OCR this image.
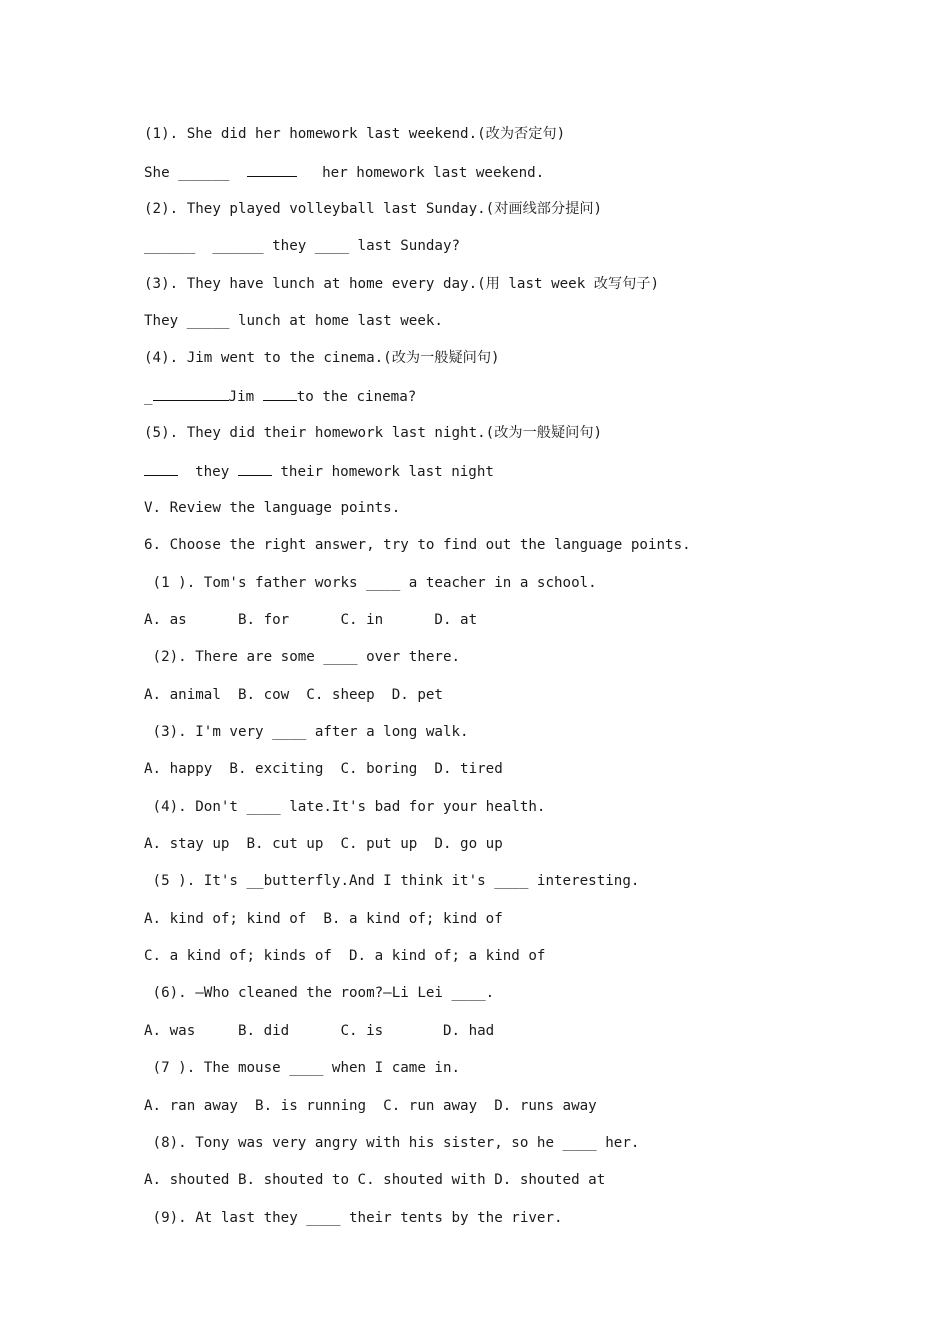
(1). She did her homework last weekend.(改为否定句)
She ______	her homework last weekend.
(2). They played volleyball last Sunday.(对画线部分提问)
______  ______ they ____ last Sunday?
(3). They have lunch at home every day.(用 last week 改写句子)
They _____ lunch at home last week.
(4). Jim went to the cinema.(改为一般疑问句)
_	Jim to the cinema?
(5). They did their homework last night.(改为一般疑问句)
they	their homework last night
V. Review the language points.
6. Choose the right answer, try to find out the language points.
(1 ). Tom's father works ____ a teacher in a school.
A. as      B. for      C. in      D. at
(2). There are some ____ over there.
A. animal  B. cow  C. sheep  D. pet
(3). I'm very ____ after a long walk.
A. happy  B. exciting  C. boring  D. tired
(4). Don't ____ late.It's bad for your health.
A. stay up  B. cut up  C. put up  D. go up
(5 ). It's __butterfly.And I think it's ____ interesting.
A. kind of; kind of  B. a kind of; kind of
C. a kind of; kinds of  D. a kind of; a kind of
(6). —Who cleaned the room?—Li Lei ____.
A. was     B. did      C. is       D. had
(7 ). The mouse ____ when I came in.
A. ran away  B. is running  C. run away  D. runs away
(8). Tony was very angry with his sister, so he ____ her.
A. shouted B. shouted to C. shouted with D. shouted at
(9). At last they ____ their tents by the river.
